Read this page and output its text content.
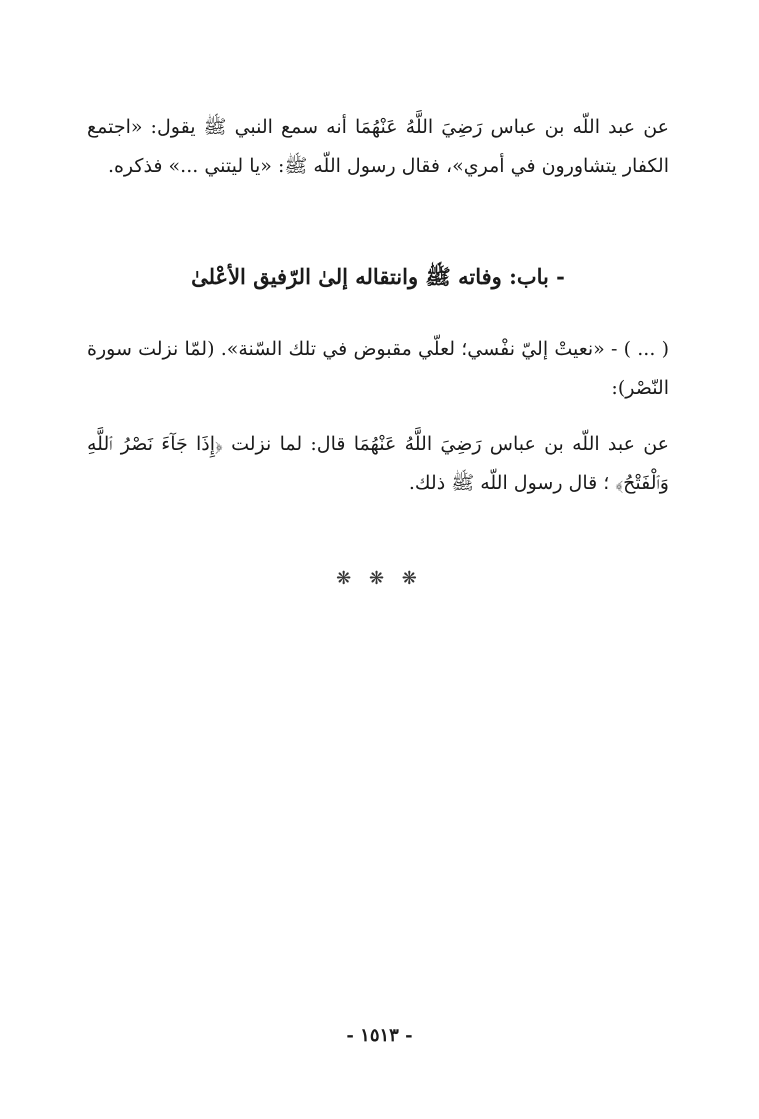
عن عبد اللّه بن عباس رَضِيَ اللَّهُ عَنْهُمَا أنه سمع النبي ﷺ يقول: «اجتمع الكفار يتشاورون في أمري»، فقال رسول اللّه ﷺ: «يا ليتني ...» فذكره.

- باب: وفاته ﷺ وانتقاله إلىٰ الرّفيق الأعْلىٰ

( ... ) - «نعيتْ إليّ نفْسي؛ لعلّي مقبوض في تلك السّنة». (لمّا نزلت سورة النّصْر):

عن عبد اللّه بن عباس رَضِيَ اللَّهُ عَنْهُمَا قال: لما نزلت ﴿إِذَا جَآءَ نَصْرُ ٱللَّهِ وَٱلْفَتْحُ﴾ ؛ قال رسول اللّه ﷺ ذلك.

❋ ❋ ❋
- ١٥١٣ -
